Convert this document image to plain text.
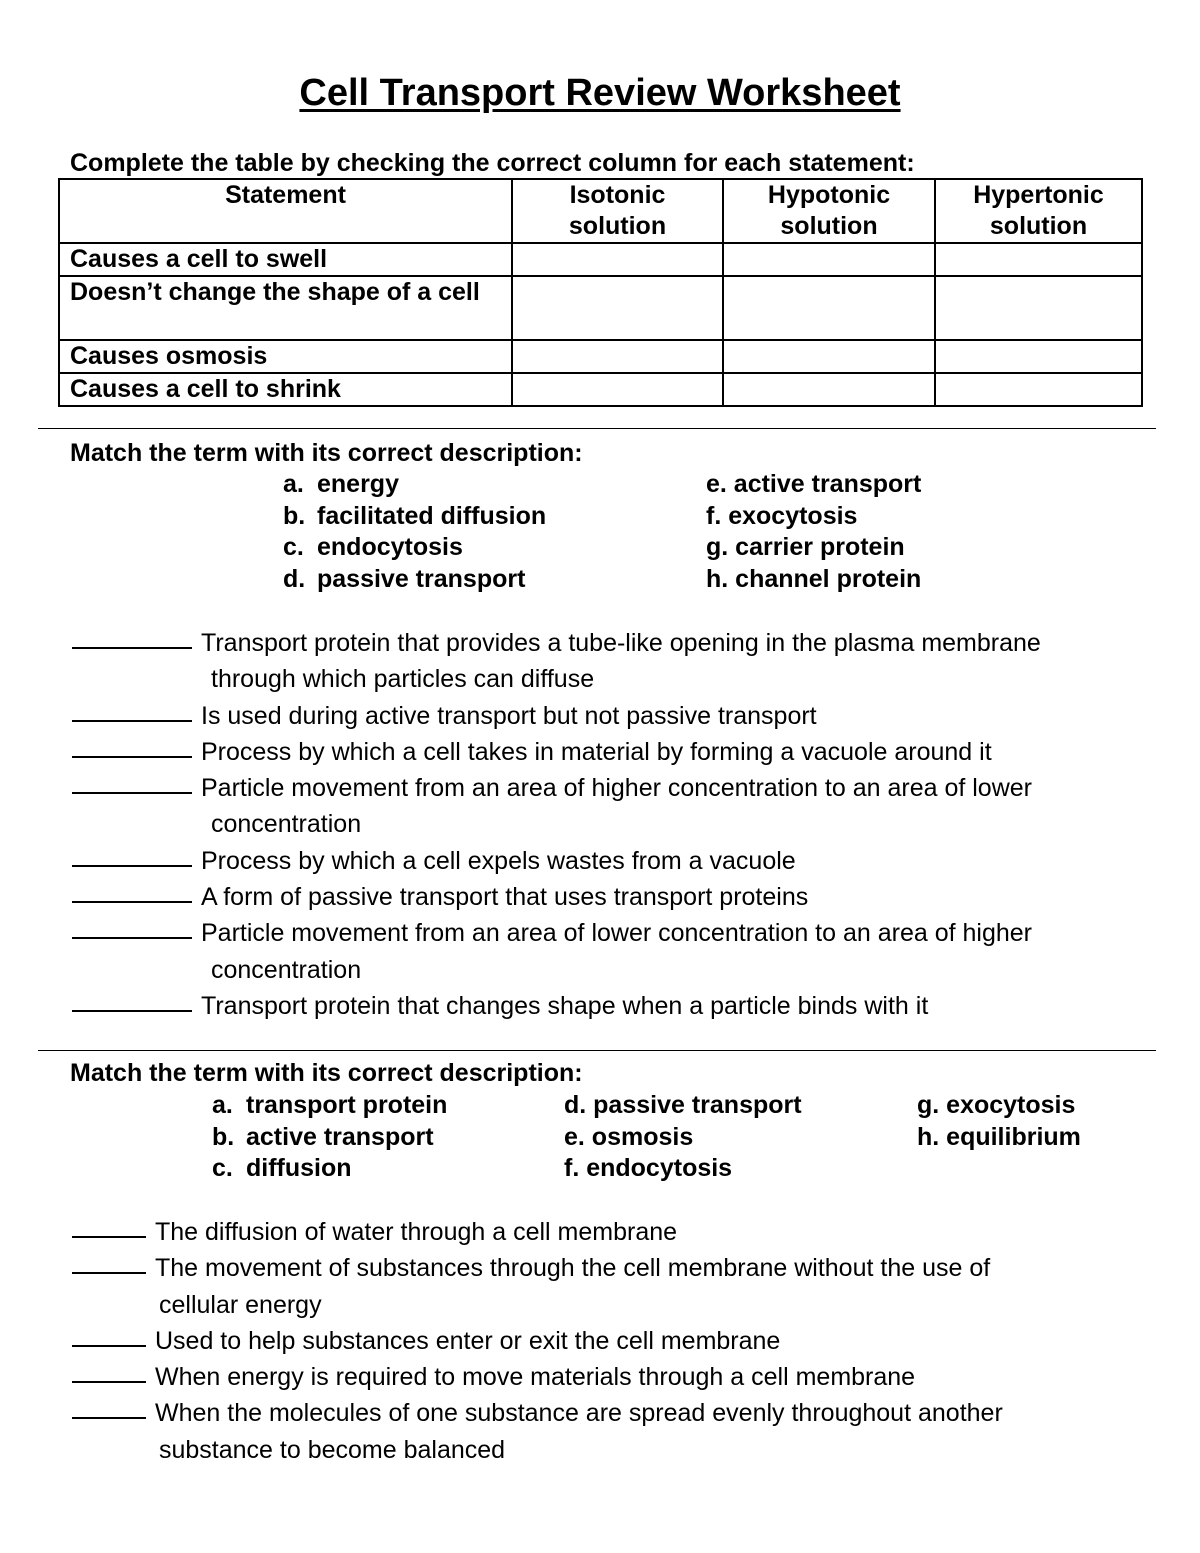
Cell Transport Review Worksheet
Complete the table by checking the correct column for each statement:
Statement	Isotonic solution	Hypotonic solution	Hypertonic solution
Causes a cell to swell			
Doesn’t change the shape of a cell			
Causes osmosis			
Causes a cell to shrink			
Match the term with its correct description:
a. energy
b. facilitated diffusion
c. endocytosis
d. passive transport
e. active transport
f. exocytosis
g. carrier protein
h. channel protein
Transport protein that provides a tube-like opening in the plasma membrane
through which particles can diffuse
Is used during active transport but not passive transport
Process by which a cell takes in material by forming a vacuole around it
Particle movement from an area of higher concentration to an area of lower
concentration
Process by which a cell expels wastes from a vacuole
A form of passive transport that uses transport proteins
Particle movement from an area of lower concentration to an area of higher
concentration
Transport protein that changes shape when a particle binds with it
Match the term with its correct description:
a. transport protein
b. active transport
c. diffusion
d. passive transport
e. osmosis
f. endocytosis
g. exocytosis
h. equilibrium
The diffusion of water through a cell membrane
The movement of substances through the cell membrane without the use of
cellular energy
Used to help substances enter or exit the cell membrane
When energy is required to move materials through a cell membrane
When the molecules of one substance are spread evenly throughout another
substance to become balanced
